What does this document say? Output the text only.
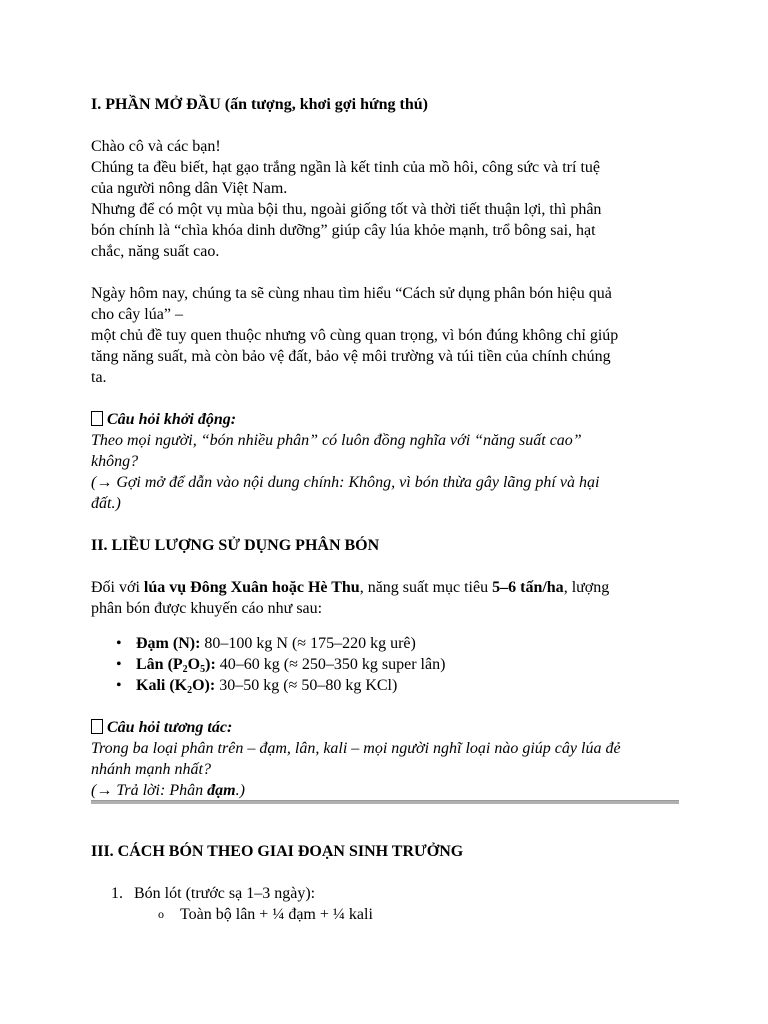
I. PHẦN MỞ ĐẦU (ấn tượng, khơi gợi hứng thú)

Chào cô và các bạn!

Chúng ta đều biết, hạt gạo trắng ngần là kết tinh của mồ hôi, công sức và trí tuệ

của người nông dân Việt Nam.

Nhưng để có một vụ mùa bội thu, ngoài giống tốt và thời tiết thuận lợi, thì phân

bón chính là “chìa khóa dinh dưỡng” giúp cây lúa khỏe mạnh, trổ bông sai, hạt

chắc, năng suất cao.

Ngày hôm nay, chúng ta sẽ cùng nhau tìm hiểu “Cách sử dụng phân bón hiệu quả

cho cây lúa” –

một chủ đề tuy quen thuộc nhưng vô cùng quan trọng, vì bón đúng không chỉ giúp

tăng năng suất, mà còn bảo vệ đất, bảo vệ môi trường và túi tiền của chính chúng

ta.

Câu hỏi khởi động:

Theo mọi người, “bón nhiều phân” có luôn đồng nghĩa với “năng suất cao”

không?

(→ Gợi mở để dẫn vào nội dung chính: Không, vì bón thừa gây lãng phí và hại

đất.)

II. LIỀU LƯỢNG SỬ DỤNG PHÂN BÓN

Đối với lúa vụ Đông Xuân hoặc Hè Thu, năng suất mục tiêu 5–6 tấn/ha, lượng

phân bón được khuyến cáo như sau:

• Đạm (N): 80–100 kg N (≈ 175–220 kg urê)
• Lân $(P_2O_5)$: 40–60 kg (≈ 250–350 kg super lân)
• Kali $(K_2O)$: 30–50 kg (≈ 50–80 kg KCl)

Câu hỏi tương tác:

Trong ba loại phân trên – đạm, lân, kali – mọi người nghĩ loại nào giúp cây lúa đẻ

nhánh mạnh nhất?

(→ Trả lời: Phân đạm.)

III. CÁCH BÓN THEO GIAI ĐOẠN SINH TRƯỞNG
1. Bón lót (trước sạ 1–3 ngày):
o Toàn bộ lân + ¼ đạm + ¼ kali
